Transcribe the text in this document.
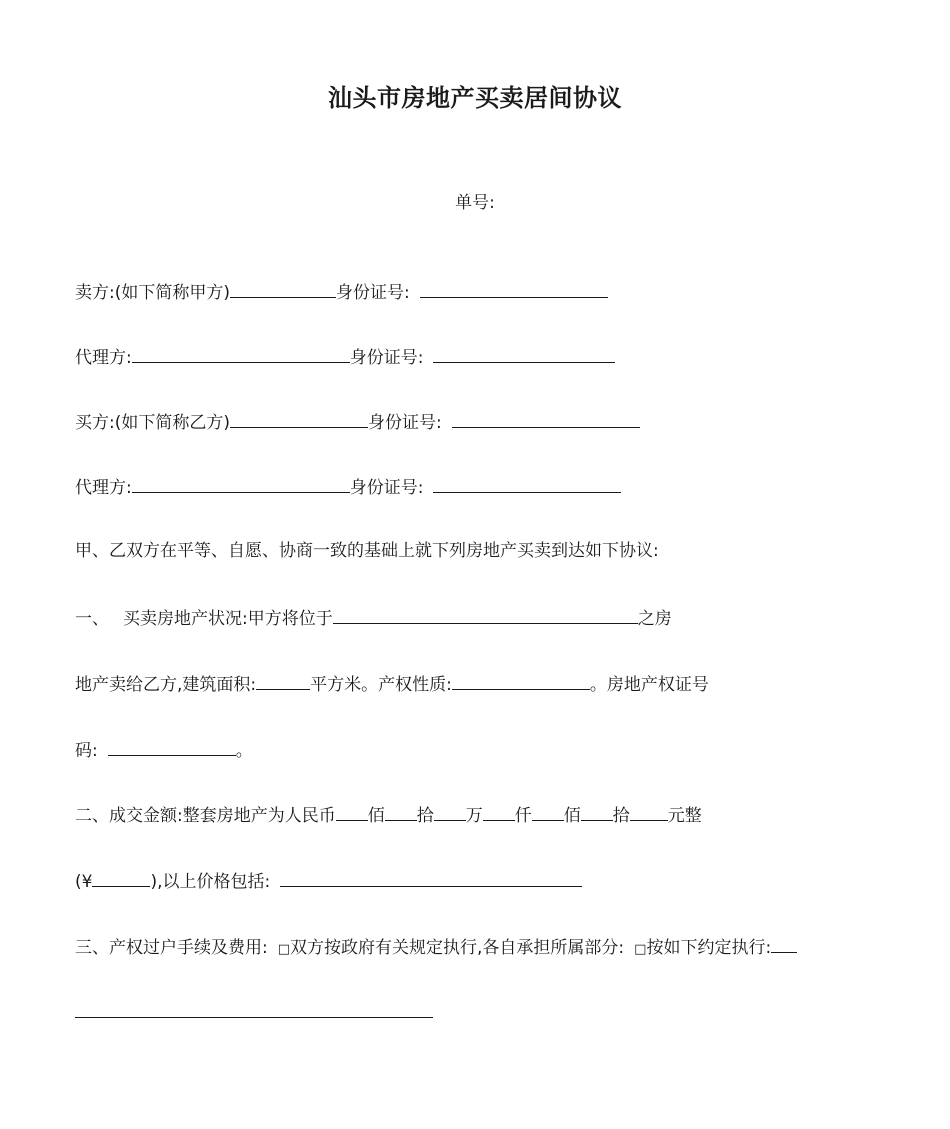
汕头市房地产买卖居间协议
单号:
卖方:(如下简称甲方)	身份证号:
代理方:	身份证号:
买方:(如下简称乙方)	身份证号:
代理方:	身份证号:
甲、乙双方在平等、自愿、协商一致的基础上就下列房地产买卖到达如下协议:
一、 买卖房地产状况:甲方将位于	之房
地产卖给乙方,建筑面积:	平方米。产权性质:	。房地产权证号
码:	。
二、成交金额:整套房地产为人民币 佰 拾 万 仟 佰 拾 元整
(¥	),以上价格包括:
三、产权过户手续及费用: □双方按政府有关规定执行,各自承担所属部分: □按如下约定执行:
